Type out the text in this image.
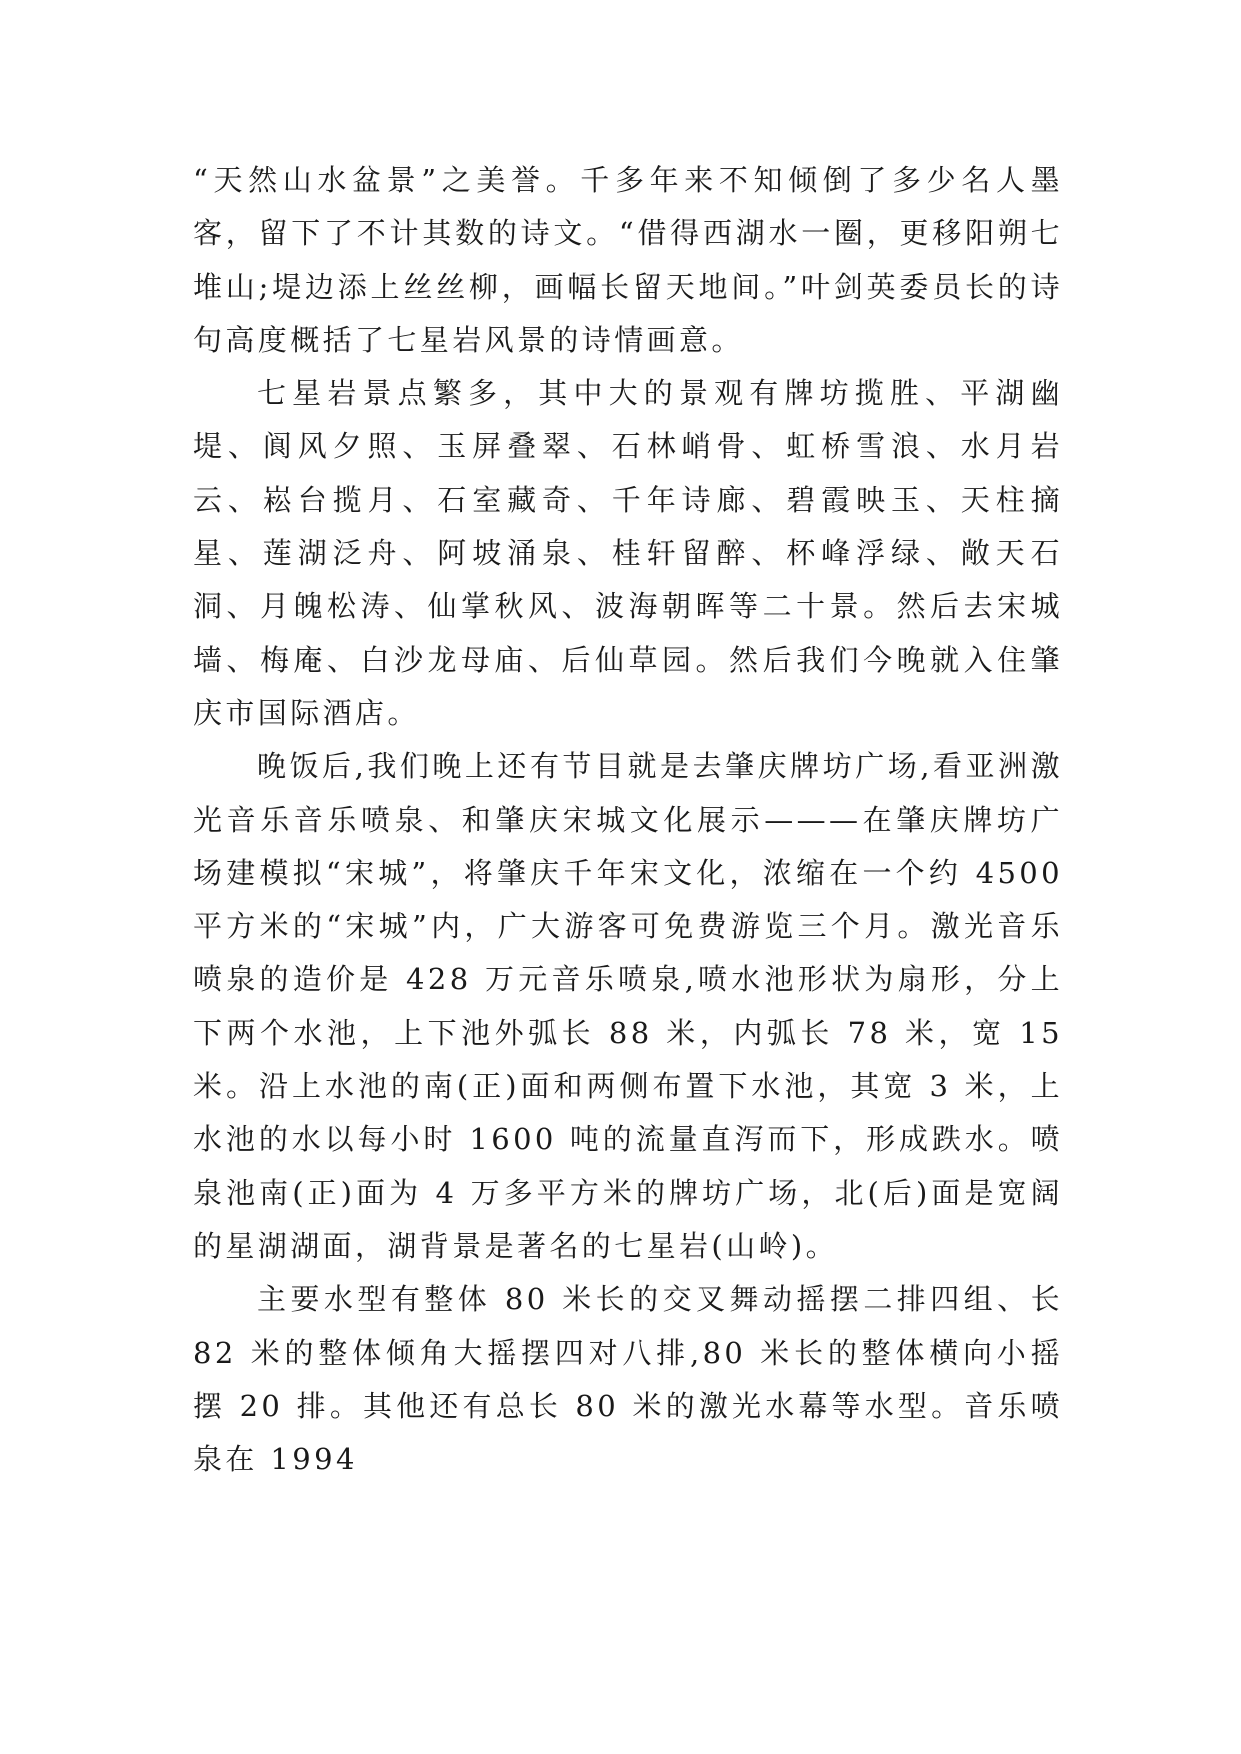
“天然山水盆景”之美誉。千多年来不知倾倒了多少名人墨客，留下了不计其数的诗文。“借得西湖水一圈，更移阳朔七堆山;堤边添上丝丝柳，画幅长留天地间。”叶剑英委员长的诗句高度概括了七星岩风景的诗情画意。

七星岩景点繁多，其中大的景观有牌坊揽胜、平湖幽堤、阆风夕照、玉屏叠翠、石林峭骨、虹桥雪浪、水月岩云、崧台揽月、石室藏奇、千年诗廊、碧霞映玉、天柱摘星、莲湖泛舟、阿坡涌泉、桂轩留醉、杯峰浮绿、敞天石洞、月魄松涛、仙掌秋风、波海朝晖等二十景。然后去宋城墙、梅庵、白沙龙母庙、后仙草园。然后我们今晚就入住肇庆市国际酒店。

晚饭后,我们晚上还有节目就是去肇庆牌坊广场,看亚洲激光音乐音乐喷泉、和肇庆宋城文化展示———在肇庆牌坊广场建模拟“宋城”，将肇庆千年宋文化，浓缩在一个约 4500 平方米的“宋城”内，广大游客可免费游览三个月。激光音乐喷泉的造价是 428 万元音乐喷泉,喷水池形状为扇形，分上下两个水池，上下池外弧长 88 米，内弧长 78 米，宽 15 米。沿上水池的南(正)面和两侧布置下水池，其宽 3 米，上水池的水以每小时 1600 吨的流量直泻而下，形成跌水。喷泉池南(正)面为 4 万多平方米的牌坊广场，北(后)面是宽阔的星湖湖面，湖背景是著名的七星岩(山岭)。

主要水型有整体 80 米长的交叉舞动摇摆二排四组、长 82 米的整体倾角大摇摆四对八排,80 米长的整体横向小摇摆 20 排。其他还有总长 80 米的激光水幕等水型。音乐喷泉在 1994
